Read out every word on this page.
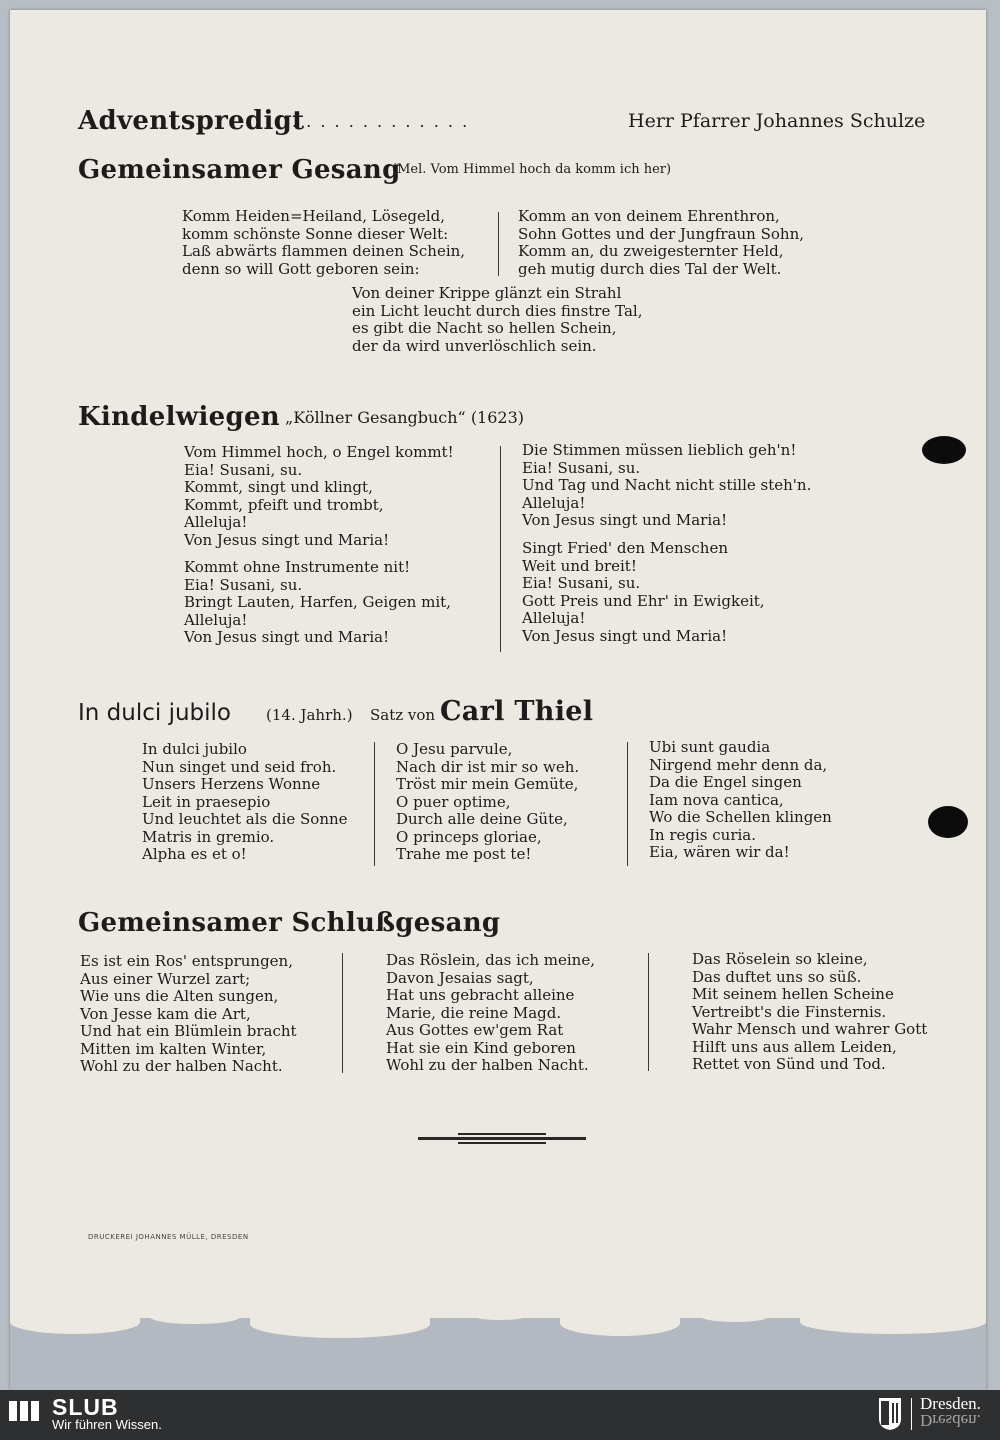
Adventspredigt
. . . . . . . . . . . . .	Herr Pfarrer Johannes Schulze
Gemeinsamer Gesang
(Mel. Vom Himmel hoch da komm ich her)
Komm Heiden=Heiland, Lösegeld,
komm schönste Sonne dieser Welt:
Laß abwärts flammen deinen Schein,
denn so will Gott geboren sein:
Komm an von deinem Ehrenthron,
Sohn Gottes und der Jungfraun Sohn,
Komm an, du zweigesternter Held,
geh mutig durch dies Tal der Welt.
Von deiner Krippe glänzt ein Strahl
ein Licht leucht durch dies finstre Tal,
es gibt die Nacht so hellen Schein,
der da wird unverlöschlich sein.
Kindelwiegen „Köllner Gesangbuch“ (1623)
Vom Himmel hoch, o Engel kommt!
Eia! Susani, su.
Kommt, singt und klingt,
Kommt, pfeift und trombt,
Alleluja!
Von Jesus singt und Maria!
Kommt ohne Instrumente nit!
Eia! Susani, su.
Bringt Lauten, Harfen, Geigen mit,
Alleluja!
Von Jesus singt und Maria!
Die Stimmen müssen lieblich geh'n!
Eia! Susani, su.
Und Tag und Nacht nicht stille steh'n.
Alleluja!
Von Jesus singt und Maria!
Singt Fried' den Menschen
Weit und breit!
Eia! Susani, su.
Gott Preis und Ehr' in Ewigkeit,
Alleluja!
Von Jesus singt und Maria!
In dulci jubilo (14. Jahrh.) Satz von Carl Thiel
In dulci jubilo
Nun singet und seid froh.
Unsers Herzens Wonne
Leit in praesepio
Und leuchtet als die Sonne
Matris in gremio.
Alpha es et o!
O Jesu parvule,
Nach dir ist mir so weh.
Tröst mir mein Gemüte,
O puer optime,
Durch alle deine Güte,
O princeps gloriae,
Trahe me post te!
Ubi sunt gaudia
Nirgend mehr denn da,
Da die Engel singen
Iam nova cantica,
Wo die Schellen klingen
In regis curia.
Eia, wären wir da!
Gemeinsamer Schlußgesang
Es ist ein Ros' entsprungen,
Aus einer Wurzel zart;
Wie uns die Alten sungen,
Von Jesse kam die Art,
Und hat ein Blümlein bracht
Mitten im kalten Winter,
Wohl zu der halben Nacht.
Das Röslein, das ich meine,
Davon Jesaias sagt,
Hat uns gebracht alleine
Marie, die reine Magd.
Aus Gottes ew'gem Rat
Hat sie ein Kind geboren
Wohl zu der halben Nacht.
Das Röselein so kleine,
Das duftet uns so süß.
Mit seinem hellen Scheine
Vertreibt's die Finsternis.
Wahr Mensch und wahrer Gott
Hilft uns aus allem Leiden,
Rettet von Sünd und Tod.
DRUCKEREI JOHANNES MÜLLE, DRESDEN
SLUB
Wir führen Wissen.
Dresden.
Dresden.
